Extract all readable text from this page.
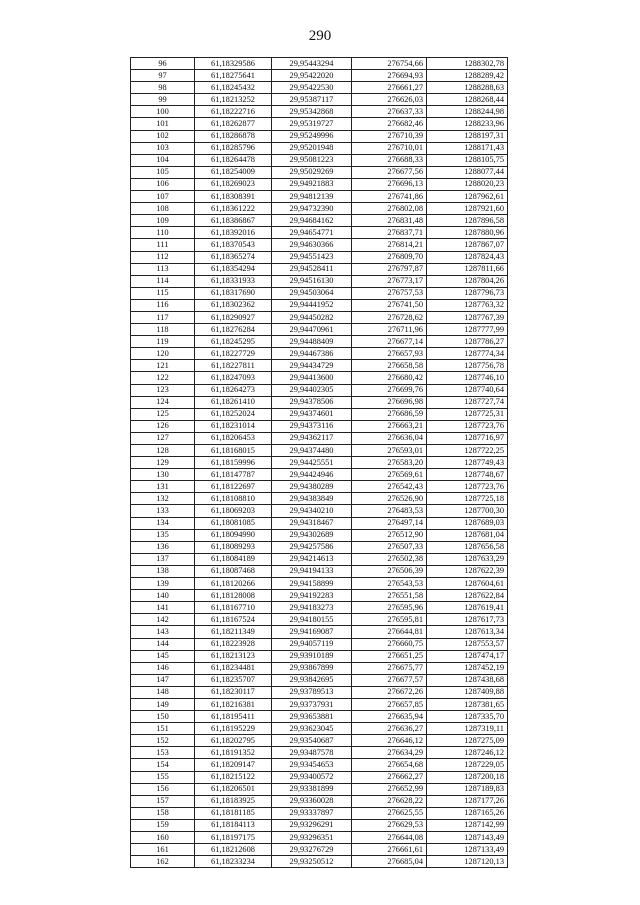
290
96	61,18329586	29,95443294	276754,66	1288302,78
97	61,18275641	29,95422020	276694,93	1288289,42
98	61,18245432	29,95422530	276661,27	1288288,63
99	61,18213252	29,95387117	276626,03	1288268,44
100	61,18222716	29,95342868	276637,33	1288244,98
101	61,18262877	29,95319727	276682,46	1288233,96
102	61,18286878	29,95249996	276710,39	1288197,31
103	61,18285796	29,95201948	276710,01	1288171,43
104	61,18264478	29,95081223	276688,33	1288105,75
105	61,18254009	29,95029269	276677,56	1288077,44
106	61,18269023	29,94921883	276696,13	1288020,23
107	61,18308391	29,94812139	276741,86	1287962,61
108	61,18361222	29,94732390	276802,08	1287921,60
109	61,18386867	29,94684162	276831,48	1287896,58
110	61,18392016	29,94654771	276837,71	1287880,96
111	61,18370543	29,94630366	276814,21	1287867,07
112	61,18365274	29,94551423	276809,70	1287824,43
113	61,18354294	29,94528411	276797,87	1287811,66
114	61,18331933	29,94516130	276773,17	1287804,26
115	61,18317690	29,94503064	276757,53	1287796,73
116	61,18302362	29,94441952	276741,50	1287763,32
117	61,18290927	29,94450282	276728,62	1287767,39
118	61,18276284	29,94470961	276711,96	1287777,99
119	61,18245295	29,94488409	276677,14	1287786,27
120	61,18227729	29,94467386	276657,93	1287774,34
121	61,18227811	29,94434729	276658,58	1287756,78
122	61,18247093	29,94413600	276680,42	1287746,10
123	61,18264273	29,94402305	276699,76	1287740,64
124	61,18261410	29,94378506	276696,98	1287727,74
125	61,18252024	29,94374601	276686,59	1287725,31
126	61,18231014	29,94373116	276663,21	1287723,76
127	61,18206453	29,94362117	276636,04	1287716,97
128	61,18168015	29,94374480	276593,01	1287722,25
129	61,18159996	29,94425551	276583,20	1287749,43
130	61,18147787	29,94424946	276569,61	1287748,67
131	61,18122697	29,94380289	276542,43	1287723,76
132	61,18108810	29,94383849	276526,90	1287725,18
133	61,18069203	29,94340210	276483,53	1287700,30
134	61,18081085	29,94318467	276497,14	1287689,03
135	61,18094990	29,94302689	276512,90	1287681,04
136	61,18089293	29,94257586	276507,33	1287656,58
137	61,18084189	29,94214613	276502,38	1287633,29
138	61,18087468	29,94194133	276506,39	1287622,39
139	61,18120266	29,94158899	276543,53	1287604,61
140	61,18128008	29,94192283	276551,58	1287622,84
141	61,18167710	29,94183273	276595,96	1287619,41
142	61,18167524	29,94180155	276595,81	1287617,73
143	61,18211349	29,94169087	276644,81	1287613,34
144	61,18223928	29,94057119	276660,75	1287553,57
145	61,18213123	29,93910189	276651,25	1287474,17
146	61,18234481	29,93867899	276675,77	1287452,19
147	61,18235707	29,93842695	276677,57	1287438,68
148	61,18230117	29,93789513	276672,26	1287409,88
149	61,18216381	29,93737931	276657,85	1287381,65
150	61,18195411	29,93653881	276635,94	1287335,70
151	61,18195229	29,93623045	276636,27	1287319,11
152	61,18202795	29,93540687	276646,12	1287275,09
153	61,18191352	29,93487578	276634,29	1287246,12
154	61,18209147	29,93454653	276654,68	1287229,05
155	61,18215122	29,93400572	276662,27	1287200,18
156	61,18206501	29,93381899	276652,99	1287189,83
157	61,18183925	29,93360028	276628,22	1287177,26
158	61,18181185	29,93337897	276625,55	1287165,26
159	61,18184113	29,93296291	276629,53	1287142,99
160	61,18197175	29,93296351	276644,08	1287143,49
161	61,18212608	29,93276729	276661,61	1287133,49
162	61,18233234	29,93250512	276685,04	1287120,13
